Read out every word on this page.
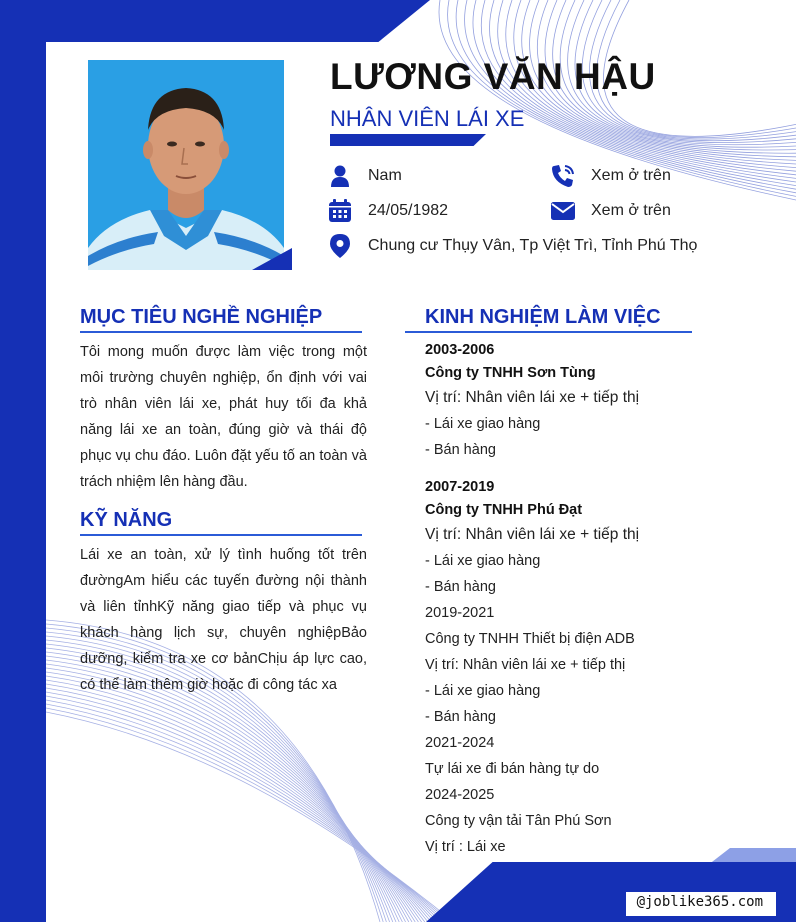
LƯƠNG VĂN HẬU
NHÂN VIÊN LÁI XE
Nam
24/05/1982
Chung cư Thụy Vân, Tp Việt Trì, Tỉnh Phú Thọ
Xem ở trên
Xem ở trên
MỤC TIÊU NGHỀ NGHIỆP
Tôi mong muốn được làm việc trong một môi trường chuyên nghiệp, ổn định với vai trò nhân viên lái xe, phát huy tối đa khả năng lái xe an toàn, đúng giờ và thái độ phục vụ chu đáo. Luôn đặt yếu tố an toàn và trách nhiệm lên hàng đầu.
KỸ NĂNG
Lái xe an toàn, xử lý tình huống tốt trên đườngAm hiểu các tuyến đường nội thành và liên tỉnhKỹ năng giao tiếp và phục vụ khách hàng lịch sự, chuyên nghiệpBảo dưỡng, kiểm tra xe cơ bảnChịu áp lực cao, có thể làm thêm giờ hoặc đi công tác xa
KINH NGHIỆM LÀM VIỆC
2003-2006
Công ty TNHH Sơn Tùng
Vị trí: Nhân viên lái xe + tiếp thị
- Lái xe giao hàng
- Bán hàng
2007-2019
Công ty TNHH Phú Đạt
Vị trí: Nhân viên lái xe + tiếp thị
- Lái xe giao hàng
- Bán hàng
2019-2021
Công ty TNHH Thiết bị điện ADB
Vị trí: Nhân viên lái xe + tiếp thị
- Lái xe giao hàng
- Bán hàng
2021-2024
Tự lái xe đi bán hàng tự do
2024-2025
Công ty vận tải Tân Phú Sơn
Vị trí : Lái xe
@joblike365.com
